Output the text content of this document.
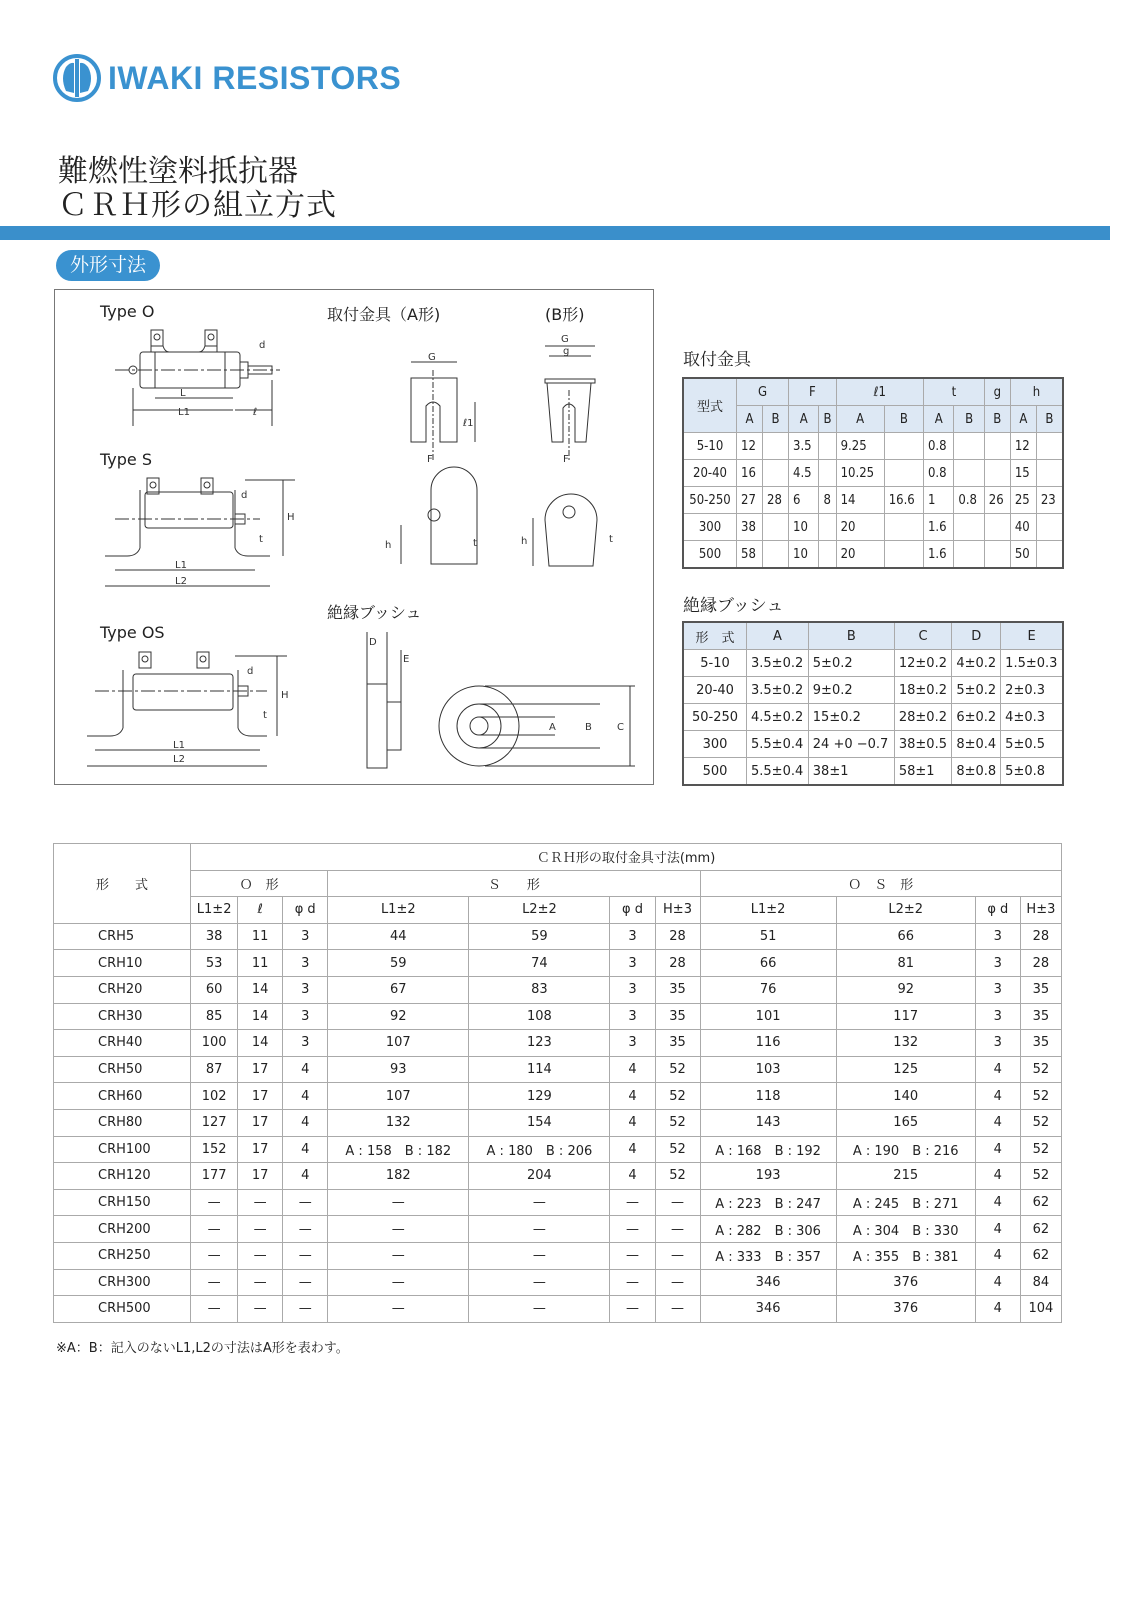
IWAKI RESISTORS
難燃性塗料抵抗器
ＣＲＨ形の組立方式
外形寸法
Type O
Type S
Type OS
取付金具（A形)	(B形)
絶縁ブッシュ
L
L1	ℓ
d
L1
L2
H
t
d
L1
L2
H
t
d
G
ℓ1
F
h	t
G
g
F
h	t
D
E
A	B	C
取付金具
型式	G		F		ℓ1		t		g	h	
	A	B	A	B	A	B	A	B	B	A	B
5-10	12		3.5		9.25		0.8			12	
20-40	16		4.5		10.25		0.8			15	
50-250	27	28	6	8	14	16.6	1	0.8	26	25	23
300	38		10		20		1.6			40	
500	58		10		20		1.6			50	
絶縁ブッシュ
形　式	A	B	C	D	E
5-10	3.5±0.2	5±0.2	12±0.2	4±0.2	1.5±0.3
20-40	3.5±0.2	9±0.2	18±0.2	5±0.2	2±0.3
50-250	4.5±0.2	15±0.2	28±0.2	6±0.2	4±0.3
300	5.5±0.4	24 +0 −0.7	38±0.5	8±0.4	5±0.5
500	5.5±0.4	38±1	58±1	8±0.8	5±0.8
形　　式	ＣＲＨ形の取付金具寸法(mm)										
	Ｏ　形			Ｓ　　形				Ｏ　Ｓ　形			
	L1±2	ℓ	φ d	L1±2	L2±2	φ d	H±3	L1±2	L2±2	φ d	H±3
CRH5	38	11	3	44	59	3	28	51	66	3	28
CRH10	53	11	3	59	74	3	28	66	81	3	28
CRH20	60	14	3	67	83	3	35	76	92	3	35
CRH30	85	14	3	92	108	3	35	101	117	3	35
CRH40	100	14	3	107	123	3	35	116	132	3	35
CRH50	87	17	4	93	114	4	52	103	125	4	52
CRH60	102	17	4	107	129	4	52	118	140	4	52
CRH80	127	17	4	132	154	4	52	143	165	4	52
CRH100	152	17	4	A : 158　B : 182	A : 180　B : 206	4	52	A : 168　B : 192	A : 190　B : 216	4	52
CRH120	177	17	4	182	204	4	52	193	215	4	52
CRH150	—	—	—	—	—	—	—	A : 223　B : 247	A : 245　B : 271	4	62
CRH200	—	—	—	—	—	—	—	A : 282　B : 306	A : 304　B : 330	4	62
CRH250	—	—	—	—	—	—	—	A : 333　B : 357	A : 355　B : 381	4	62
CRH300	—	—	—	—	—	—	—	346	376	4	84
CRH500	—	—	—	—	—	—	—	346	376	4	104
※A：B：記入のないL1,L2の寸法はA形を表わす。
